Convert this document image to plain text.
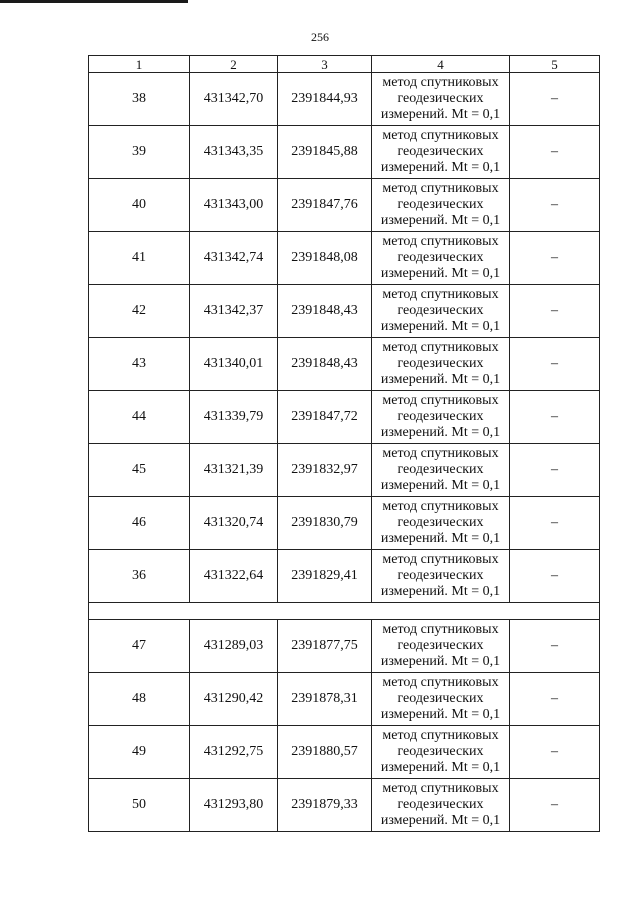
256
1	2	3	4	5
38	431342,70	2391844,93	метод спутниковых геодезических измерений. Mt = 0,1	–
39	431343,35	2391845,88	метод спутниковых геодезических измерений. Mt = 0,1	–
40	431343,00	2391847,76	метод спутниковых геодезических измерений. Mt = 0,1	–
41	431342,74	2391848,08	метод спутниковых геодезических измерений. Mt = 0,1	–
42	431342,37	2391848,43	метод спутниковых геодезических измерений. Mt = 0,1	–
43	431340,01	2391848,43	метод спутниковых геодезических измерений. Mt = 0,1	–
44	431339,79	2391847,72	метод спутниковых геодезических измерений. Mt = 0,1	–
45	431321,39	2391832,97	метод спутниковых геодезических измерений. Mt = 0,1	–
46	431320,74	2391830,79	метод спутниковых геодезических измерений. Mt = 0,1	–
36	431322,64	2391829,41	метод спутниковых геодезических измерений. Mt = 0,1	–

47	431289,03	2391877,75	метод спутниковых геодезических измерений. Mt = 0,1	–
48	431290,42	2391878,31	метод спутниковых геодезических измерений. Mt = 0,1	–
49	431292,75	2391880,57	метод спутниковых геодезических измерений. Mt = 0,1	–
50	431293,80	2391879,33	метод спутниковых геодезических измерений. Mt = 0,1	–
